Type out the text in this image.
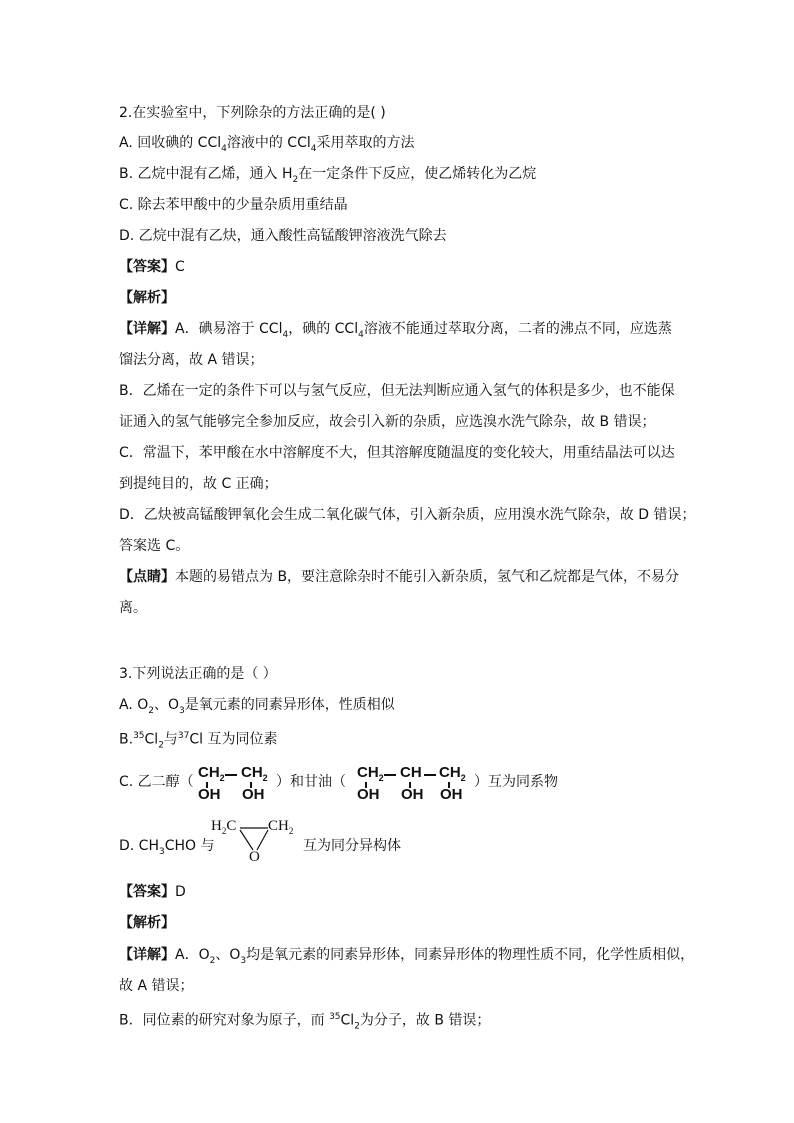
2.在实验室中，下列除杂的方法正确的是( )
A. 回收碘的 CCl$_4$溶液中的 CCl$_4$采用萃取的方法
B. 乙烷中混有乙烯，通入 $H_2$在一定条件下反应，使乙烯转化为乙烷
C. 除去苯甲酸中的少量杂质用重结晶
D. 乙烷中混有乙炔，通入酸性高锰酸钾溶液洗气除去
【答案】C
【解析】
【详解】A．碘易溶于 CCl$_4$，碘的 CCl$_4$溶液不能通过萃取分离，二者的沸点不同，应选蒸
馏法分离，故 A 错误；
B．乙烯在一定的条件下可以与氢气反应，但无法判断应通入氢气的体积是多少，也不能保
证通入的氢气能够完全参加反应，故会引入新的杂质，应选溴水洗气除杂，故 B 错误；
C．常温下，苯甲酸在水中溶解度不大，但其溶解度随温度的变化较大，用重结晶法可以达
到提纯目的，故 C 正确；
D．乙炔被高锰酸钾氧化会生成二氧化碳气体，引入新杂质，应用溴水洗气除杂，故 D 错误；
答案选 C。
【点睛】本题的易错点为 B，要注意除杂时不能引入新杂质，氢气和乙烷都是气体，不易分
离。
3.下列说法正确的是（ ）
A. $O_2$、$O_3$是氧元素的同素异形体，性质相似
$B.^{35}Cl_2$与$^{37}$Cl 互为同位素
C. 乙二醇（
$CH_2$ $CH_2$
OH OH
）和甘油（
$CH_2$ CH $CH_2$
OH OH OH
）互为同系物
D. $CH_3CHO$ 与
$H_2C$ $CH_2$
O
互为同分异构体
【答案】D
【解析】
【详解】A．$O_2$、$O_3$均是氧元素的同素异形体，同素异形体的物理性质不同，化学性质相似，
故 A 错误；
B．同位素的研究对象为原子，而 $^{35}Cl_2$为分子，故 B 错误；
